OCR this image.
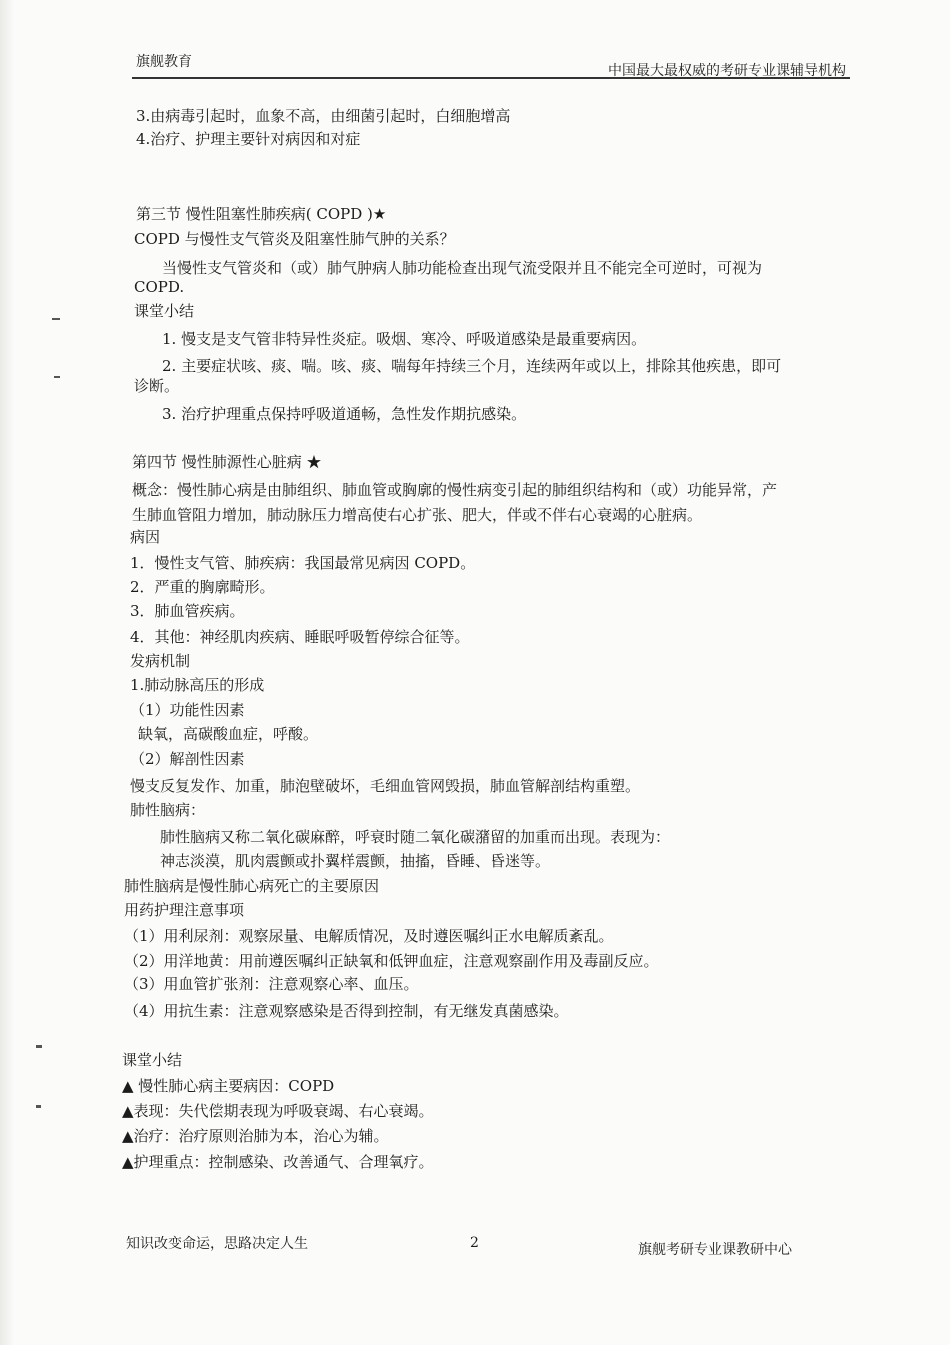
旗舰教育
中国最大最权威的考研专业课辅导机构
3.由病毒引起时，血象不高，由细菌引起时，白细胞增高
4.治疗、护理主要针对病因和对症
第三节 慢性阻塞性肺疾病( COPD )★
COPD 与慢性支气管炎及阻塞性肺气肿的关系？
当慢性支气管炎和（或）肺气肿病人肺功能检查出现气流受限并且不能完全可逆时，可视为
COPD.
课堂小结
1. 慢支是支气管非特异性炎症。吸烟、寒冷、呼吸道感染是最重要病因。
2. 主要症状咳、痰、喘。咳、痰、喘每年持续三个月，连续两年或以上，排除其他疾患，即可
诊断。
3. 治疗护理重点保持呼吸道通畅，急性发作期抗感染。
第四节 慢性肺源性心脏病 ★
概念：慢性肺心病是由肺组织、肺血管或胸廓的慢性病变引起的肺组织结构和（或）功能异常，产
生肺血管阻力增加，肺动脉压力增高使右心扩张、肥大，伴或不伴右心衰竭的心脏病。
病因
1．慢性支气管、肺疾病：我国最常见病因 COPD。
2．严重的胸廓畸形。
3．肺血管疾病。
4．其他：神经肌肉疾病、睡眠呼吸暂停综合征等。
发病机制
1.肺动脉高压的形成
（1）功能性因素
缺氧，高碳酸血症，呼酸。
（2）解剖性因素
慢支反复发作、加重，肺泡壁破坏，毛细血管网毁损，肺血管解剖结构重塑。
肺性脑病：
肺性脑病又称二氧化碳麻醉，呼衰时随二氧化碳潴留的加重而出现。表现为：
神志淡漠，肌肉震颤或扑翼样震颤，抽搐，昏睡、昏迷等。
肺性脑病是慢性肺心病死亡的主要原因
用药护理注意事项
（1）用利尿剂：观察尿量、电解质情况，及时遵医嘱纠正水电解质紊乱。
（2）用洋地黄：用前遵医嘱纠正缺氧和低钾血症，注意观察副作用及毒副反应。
（3）用血管扩张剂：注意观察心率、血压。
（4）用抗生素：注意观察感染是否得到控制，有无继发真菌感染。
课堂小结
▲ 慢性肺心病主要病因：COPD
▲表现：失代偿期表现为呼吸衰竭、右心衰竭。
▲治疗：治疗原则治肺为本，治心为辅。
▲护理重点：控制感染、改善通气、合理氧疗。
知识改变命运，思路决定人生	2	旗舰考研专业课教研中心
